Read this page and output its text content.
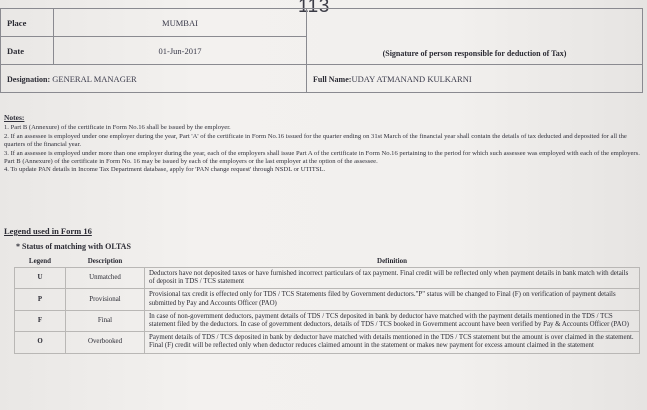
113
Place	MUMBAI	(Signature of person responsible for deduction of Tax)
Date	01-Jun-2017	
Designation: GENERAL MANAGER		Full Name:UDAY ATMANAND KULKARNI
Notes:
1. Part B (Annexure) of the certificate in Form No.16 shall be issued by the employer.
2. If an assessee is employed under one employer during the year, Part 'A' of the certificate in Form No.16 issued for the quarter ending on 31st March of the financial year shall contain the details of tax deducted and deposited for all the quarters of the financial year.
3. If an assessee is employed under more than one employer during the year, each of the employers shall issue Part A of the certificate in Form No.16 pertaining to the period for which such assessee was employed with each of the employers. Part B (Annexure) of the certificate in Form No. 16 may be issued by each of the employers or the last employer at the option of the assessee.
4. To update PAN details in Income Tax Department database, apply for 'PAN change request' through NSDL or UTITSL.
Legend used in Form 16
* Status of matching with OLTAS
Legend	Description	Definition
U	Unmatched	Deductors have not deposited taxes or have furnished incorrect particulars of tax payment. Final credit will be reflected only when payment details in bank match with details of deposit in TDS / TCS statement
P	Provisional	Provisional tax credit is effected only for TDS / TCS Statements filed by Government deductors."P" status will be changed to Final (F) on verification of payment details submitted by Pay and Accounts Officer (PAO)
F	Final	In case of non-government deductors, payment details of TDS / TCS deposited in bank by deductor have matched with the payment details mentioned in the TDS / TCS statement filed by the deductors. In case of government deductors, details of TDS / TCS booked in Government account have been verified by Pay & Accounts Officer (PAO)
O	Overbooked	Payment details of TDS / TCS deposited in bank by deductor have matched with details mentioned in the TDS / TCS statement but the amount is over claimed in the statement. Final (F) credit will be reflected only when deductor reduces claimed amount in the statement or makes new payment for excess amount claimed in the statement
